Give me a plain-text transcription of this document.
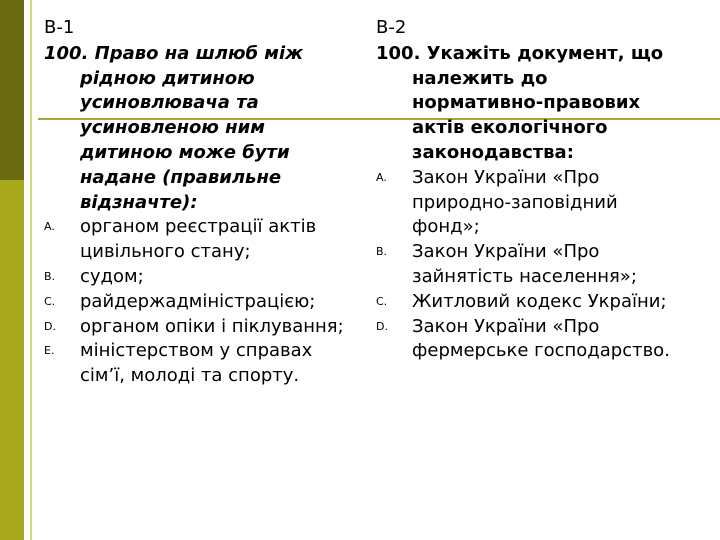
В-1
100. Право на шлюб між рідною дитиною усиновлювача та усиновленою ним дитиною може бути надане (правильне відзначте):
A. органом реєстрації актів цивільного стану;
B. судом;
C. райдержадміністрацією;
D. органом опіки і піклування;
E. міністерством у справах сім’ї, молоді та спорту.
В-2
100. Укажіть документ, що належить до нормативно-правових актів екологічного законодавства:
A. Закон України «Про природно-заповідний фонд»;
B. Закон України «Про зайнятість населення»;
C. Житловий кодекс України;
D. Закон України «Про фермерське господарство.
